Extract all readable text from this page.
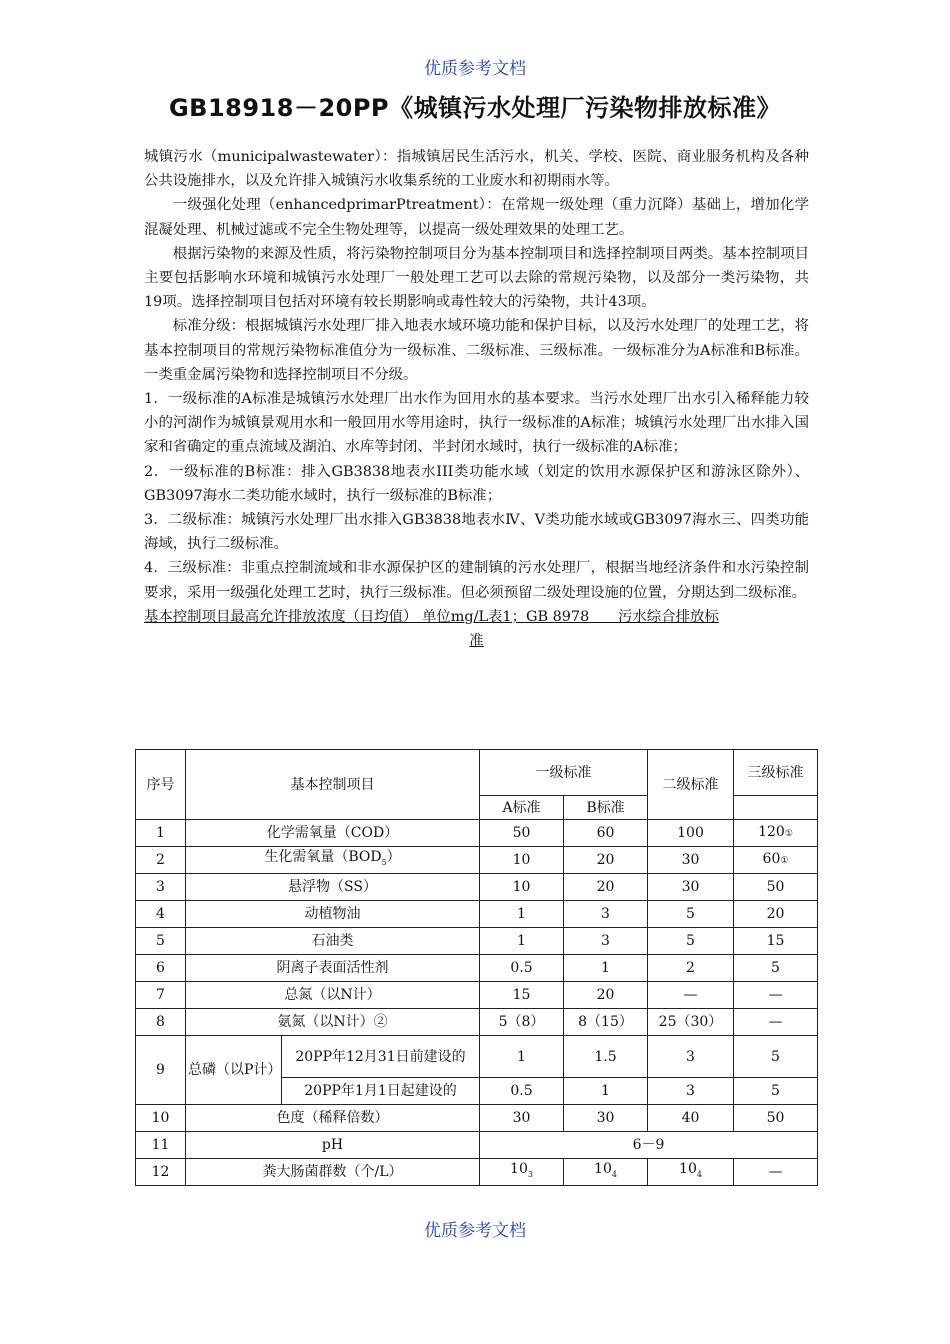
优质参考文档
GB18918－20PP《城镇污水处理厂污染物排放标准》

城镇污水（municipalwastewater）：指城镇居民生活污水，机关、学校、医院、商业服务机构及各种公共设施排水，以及允许排入城镇污水收集系统的工业废水和初期雨水等。

一级强化处理（enhancedprimarPtreatment）：在常规一级处理（重力沉降）基础上，增加化学混凝处理、机械过滤或不完全生物处理等，以提高一级处理效果的处理工艺。

根据污染物的来源及性质，将污染物控制项目分为基本控制项目和选择控制项目两类。基本控制项目主要包括影响水环境和城镇污水处理厂一般处理工艺可以去除的常规污染物，以及部分一类污染物，共19项。选择控制项目包括对环境有较长期影响或毒性较大的污染物，共计43项。

标准分级：根据城镇污水处理厂排入地表水域环境功能和保护目标，以及污水处理厂的处理工艺，将基本控制项目的常规污染物标准值分为一级标准、二级标准、三级标准。一级标准分为A标准和B标准。一类重金属污染物和选择控制项目不分级。

1．一级标准的A标准是城镇污水处理厂出水作为回用水的基本要求。当污水处理厂出水引入稀释能力较小的河湖作为城镇景观用水和一般回用水等用途时，执行一级标准的A标准；城镇污水处理厂出水排入国家和省确定的重点流域及湖泊、水库等封闭、半封闭水域时，执行一级标准的A标准；

2．一级标准的B标准：排入GB3838地表水III类功能水域（划定的饮用水源保护区和游泳区除外）、GB3097海水二类功能水域时，执行一级标准的B标准；

3．二级标准：城镇污水处理厂出水排入GB3838地表水Ⅳ、Ⅴ类功能水域或GB3097海水三、四类功能海域，执行二级标准。

4．三级标准：非重点控制流域和非水源保护区的建制镇的污水处理厂，根据当地经济条件和水污染控制要求，采用一级强化处理工艺时，执行三级标准。但必须预留二级处理设施的位置，分期达到二级标准。

基本控制项目最高允许排放浓度（日均值） 单位mg/L表1；GB 8978　　污水综合排放标
准
序号	基本控制项目		一级标准		二级标准	三级标准
			A标准	B标准		
1	化学需氧量（COD）		50	60	100	120①
2	生化需氧量$(BOD_5)$		10	20	30	60①
3	悬浮物（SS）		10	20	30	50
4	动植物油		1	3	5	20
5	石油类		1	3	5	15
6	阴离子表面活性剂		0.5	1	2	5
7	总氮（以N计）		15	20	—	—
8	氨氮（以N计）②		5（8）	8（15）	25（30）	—
9	总磷（以P计）	20PP年12月31日前建设的	1	1.5	3	5
		20PP年1月1日起建设的	0.5	1	3	5
10	色度（稀释倍数）		30	30	40	50
11	pH		6－9			
12	粪大肠菌群数（个/L）		$10_3$	$10_4$	$10_4$	—
优质参考文档
